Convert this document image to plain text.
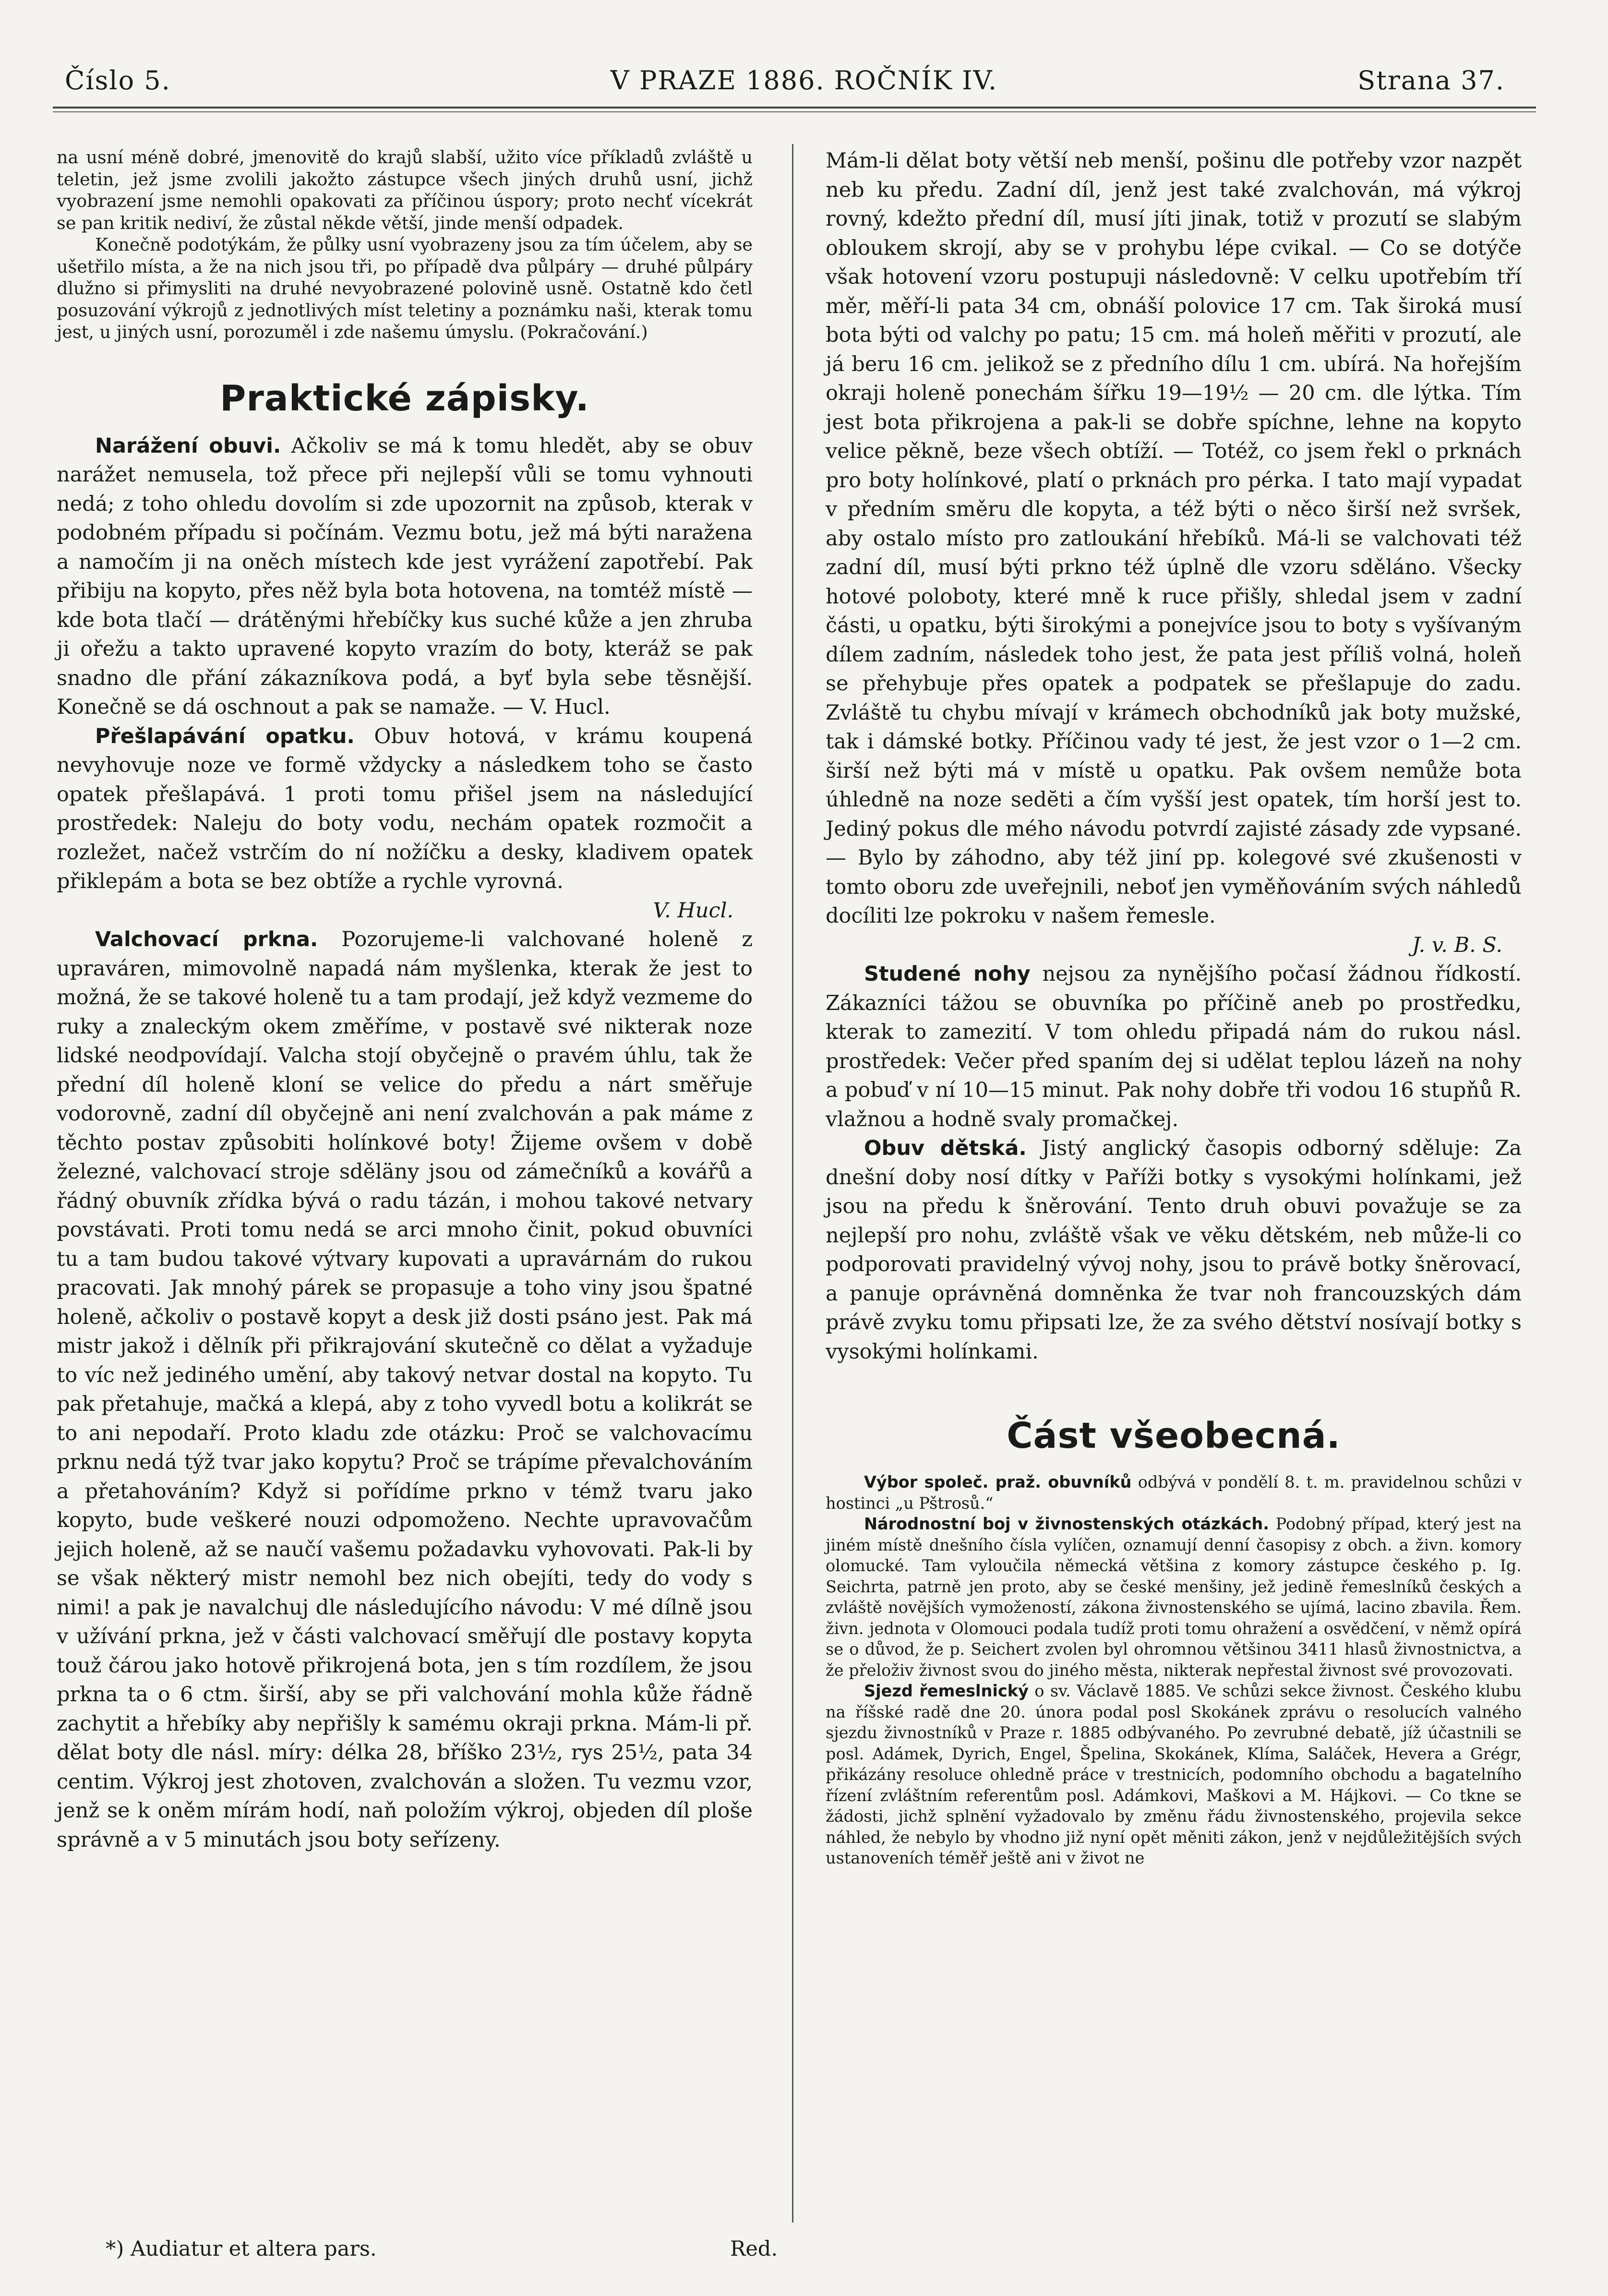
Číslo 5.	V PRAZE 1886. ROČNÍK IV.	Strana 37.

na usní méně dobré, jmenovitě do krajů slabší, užito více příkladů zvláště u teletin, jež jsme zvolili jakožto zástupce všech jiných druhů usní, jichž vyobrazení jsme nemohli opakovati za příčinou úspory; proto nechť vícekrát se pan kritik nediví, že zůstal někde větší, jinde menší odpadek.

Konečně podotýkám, že půlky usní vyobrazeny jsou za tím účelem, aby se ušetřilo místa, a že na nich jsou tři, po případě dva půlpáry — druhé půlpáry dlužno si přimysliti na druhé nevyobrazené polovině usně. Ostatně kdo četl posuzování výkrojů z jednotlivých míst teletiny a poznámku naši, kterak tomu jest, u jiných usní, porozuměl i zde našemu úmyslu. (Pokračování.)

Praktické zápisky.

Narážení obuvi. Ačkoliv se má k tomu hledět, aby se obuv narážet nemusela, tož přece při nejlepší vůli se tomu vyhnouti nedá; z toho ohledu dovolím si zde upozornit na způsob, kterak v podobném případu si počínám. Vezmu botu, jež má býti naražena a namočím ji na oněch místech kde jest vyrážení zapotřebí. Pak přibiju na kopyto, přes něž byla bota hotovena, na tomtéž místě — kde bota tlačí — drátěnými hřebíčky kus suché kůže a jen zhruba ji ořežu a takto upravené kopyto vrazím do boty, kteráž se pak snadno dle přání zákazníkova podá, a byť byla sebe těsnější. Konečně se dá oschnout a pak se namaže. — V. Hucl.

Přešlapávání opatku. Obuv hotová, v krámu koupená nevyhovuje noze ve formě vždycky a následkem toho se často opatek přešlapává. 1 proti tomu přišel jsem na následující prostředek: Naleju do boty vodu, nechám opatek rozmočit a rozležet, načež vstrčím do ní nožíčku a desky, kladivem opatek přiklepám a bota se bez obtíže a rychle vyrovná.

V. Hucl.

Valchovací prkna. Pozorujeme-li valchované holeně z upraváren, mimovolně napadá nám myšlenka, kterak že jest to možná, že se takové holeně tu a tam prodají, jež když vezmeme do ruky a znaleckým okem změříme, v postavě své nikterak noze lidské neodpovídají. Valcha stojí obyčejně o pravém úhlu, tak že přední díl holeně kloní se velice do předu a nárt směřuje vodorovně, zadní díl obyčejně ani není zvalchován a pak máme z těchto postav způsobiti holínkové boty! Žijeme ovšem v době železné, valchovací stroje sděläny jsou od zámečníků a kovářů a řádný obuvník zřídka bývá o radu tázán, i mohou takové netvary povstávati. Proti tomu nedá se arci mnoho činit, pokud obuvníci tu a tam budou takové výtvary kupovati a upravárnám do rukou pracovati. Jak mnohý párek se propasuje a toho viny jsou špatné holeně, ačkoliv o postavě kopyt a desk již dosti psáno jest. Pak má mistr jakož i dělník při přikrajování skutečně co dělat a vyžaduje to víc než jediného umění, aby takový netvar dostal na kopyto. Tu pak přetahuje, mačká a klepá, aby z toho vyvedl botu a kolikrát se to ani nepodaří. Proto kladu zde otázku: Proč se valchovacímu prknu nedá týž tvar jako kopytu? Proč se trápíme převalchováním a přetahováním? Když si pořídíme prkno v témž tvaru jako kopyto, bude veškeré nouzi odpomoženo. Nechte upravovačům jejich holeně, až se naučí vašemu požadavku vyhovovati. Pak-li by se však některý mistr nemohl bez nich obejíti, tedy do vody s nimi! a pak je navalchuj dle následujícího návodu: V mé dílně jsou v užívání prkna, jež v části valchovací směřují dle postavy kopyta touž čárou jako hotově přikrojená bota, jen s tím rozdílem, že jsou prkna ta o 6 ctm. širší, aby se při valchování mohla kůže řádně zachytit a hřebíky aby nepřišly k samému okraji prkna. Mám-li př. dělat boty dle násl. míry: délka 28, bříško 23½, rys 25½, pata 34 centim. Výkroj jest zhotoven, zvalchován a složen. Tu vezmu vzor, jenž se k oněm mírám hodí, naň položím výkroj, objeden díl ploše správně a v 5 minutách jsou boty seřízeny.

Mám-li dělat boty větší neb menší, pošinu dle potřeby vzor nazpět neb ku předu. Zadní díl, jenž jest také zvalchován, má výkroj rovný, kdežto přední díl, musí jíti jinak, totiž v prozutí se slabým obloukem skrojí, aby se v prohybu lépe cvikal. — Co se dotýče však hotovení vzoru postupuji následovně: V celku upotřebím tří měr, měří-li pata 34 cm, obnáší polovice 17 cm. Tak široká musí bota býti od valchy po patu; 15 cm. má holeň měřiti v prozutí, ale já beru 16 cm. jelikož se z předního dílu 1 cm. ubírá. Na hořejším okraji holeně ponechám šířku 19—19½ — 20 cm. dle lýtka. Tím jest bota přikrojena a pak-li se dobře spíchne, lehne na kopyto velice pěkně, beze všech obtíží. — Totéž, co jsem řekl o prknách pro boty holínkové, platí o prknách pro pérka. I tato mají vypadat v předním směru dle kopyta, a též býti o něco širší než svršek, aby ostalo místo pro zatloukání hřebíků. Má-li se valchovati též zadní díl, musí býti prkno též úplně dle vzoru sděláno. Všecky hotové poloboty, které mně k ruce přišly, shledal jsem v zadní části, u opatku, býti širokými a ponejvíce jsou to boty s vyšívaným dílem zadním, následek toho jest, že pata jest příliš volná, holeň se přehybuje přes opatek a podpatek se přešlapuje do zadu. Zvláště tu chybu mívají v krámech obchodníků jak boty mužské, tak i dámské botky. Příčinou vady té jest, že jest vzor o 1—2 cm. širší než býti má v místě u opatku. Pak ovšem nemůže bota úhledně na noze sedĕti a čím vyšší jest opatek, tím horší jest to. Jediný pokus dle mého návodu potvrdí zajisté zásady zde vypsané. — Bylo by záhodno, aby též jiní pp. kolegové své zkušenosti v tomto oboru zde uveřejnili, neboť jen vyměňováním svých náhledů docíliti lze pokroku v našem řemesle.

J. v. B. S.

Studené nohy nejsou za nynějšího počasí žádnou řídkostí. Zákazníci tážou se obuvníka po příčině aneb po prostředku, kterak to zamezití. V tom ohledu připadá nám do rukou násl. prostředek: Večer před spaním dej si udělat teplou lázeň na nohy a pobuď v ní 10—15 minut. Pak nohy dobře tři vodou 16 stupňů R. vlažnou a hodně svaly promačkej.

Obuv dětská. Jistý anglický časopis odborný sděluje: Za dnešní doby nosí dítky v Paříži botky s vysokými holínkami, jež jsou na předu k šněrování. Tento druh obuvi považuje se za nejlepší pro nohu, zvláště však ve věku dětském, neb může-li co podporovati pravidelný vývoj nohy, jsou to právě botky šněrovací, a panuje oprávněná domněnka že tvar noh francouzských dám právě zvyku tomu připsati lze, že za svého dětství nosívají botky s vysokými holínkami.

Část všeobecná.

Výbor společ. praž. obuvníků odbývá v pondělí 8. t. m. pravidelnou schůzi v hostinci „u Pštrosů.“

Národnostní boj v živnostenských otázkách. Podobný případ, který jest na jiném místě dnešního čísla vylíčen, oznamují denní časopisy z obch. a živn. komory olomucké. Tam vyloučila německá většina z komory zástupce českého p. Ig. Seichrta, patrně jen proto, aby se české menšiny, jež jedině řemeslníků českých a zvláště novějších vymožeností, zákona živnostenského se ujímá, lacino zbavila. Řem. živn. jednota v Olomouci podala tudíž proti tomu ohražení a osvědčení, v němž opírá se o důvod, že p. Seichert zvolen byl ohromnou většinou 3411 hlasů živnostnictva, a že přeloživ živnost svou do jiného města, nikterak nepřestal živnost své provozovati.

Sjezd řemeslnický o sv. Václavě 1885. Ve schůzi sekce živnost. Českého klubu na říšské radě dne 20. února podal posl Skokánek zprávu o resolucích valného sjezdu živnostníků v Praze r. 1885 odbývaného. Po zevrubné debatě, jíž účastnili se posl. Adámek, Dyrich, Engel, Špelina, Skokánek, Klíma, Saláček, Hevera a Grégr, přikázány resoluce ohledně práce v trestnicích, podomního obchodu a bagatelního řízení zvláštním referentům posl. Adámkovi, Maškovi a M. Hájkovi. — Co tkne se žádosti, jichž splnění vyžadovalo by změnu řádu živnostenského, projevila sekce náhled, že nebylo by vhodno již nyní opět měniti zákon, jenž v nejdůležitějších svých ustanoveních téměř ještě ani v život ne

*) Audiatur et altera pars.	Red.
